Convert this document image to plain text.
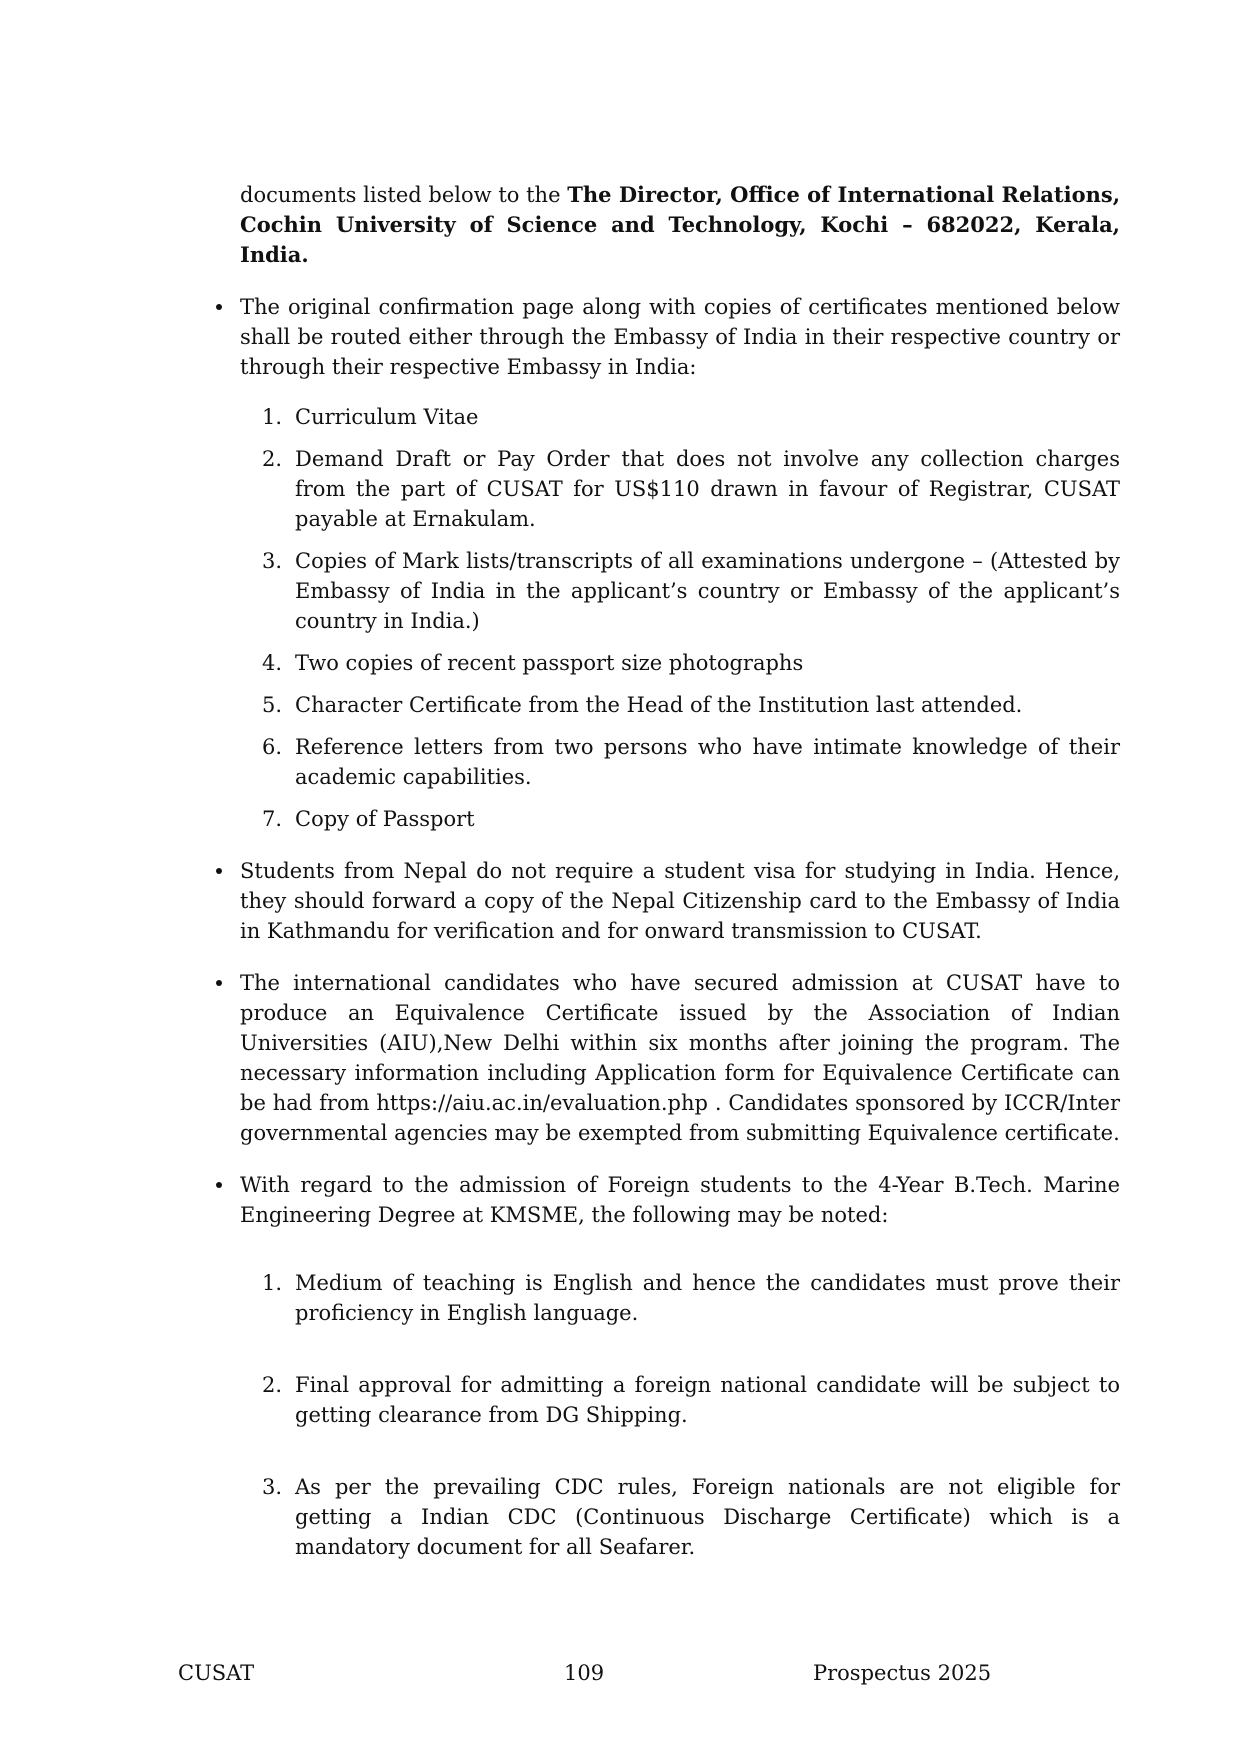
documents listed below to the The Director, Office of International Relations, Cochin University of Science and Technology, Kochi – 682022, Kerala, India.

The original confirmation page along with copies of certificates mentioned below shall be routed either through the Embassy of India in their respective country or through their respective Embassy in India:

1. Curriculum Vitae
2. Demand Draft or Pay Order that does not involve any collection charges from the part of CUSAT for US$110 drawn in favour of Registrar, CUSAT payable at Ernakulam.
3. Copies of Mark lists/transcripts of all examinations undergone – (Attested by Embassy of India in the applicant’s country or Embassy of the applicant’s country in India.)
4. Two copies of recent passport size photographs
5. Character Certificate from the Head of the Institution last attended.
6. Reference letters from two persons who have intimate knowledge of their academic capabilities.
7. Copy of Passport

Students from Nepal do not require a student visa for studying in India. Hence, they should forward a copy of the Nepal Citizenship card to the Embassy of India in Kathmandu for verification and for onward transmission to CUSAT.

The international candidates who have secured admission at CUSAT have to produce an Equivalence Certificate issued by the Association of Indian Universities (AIU),New Delhi within six months after joining the program. The necessary information including Application form for Equivalence Certificate can be had from https://aiu.ac.in/evaluation.php . Candidates sponsored by ICCR/Inter governmental agencies may be exempted from submitting Equivalence certificate.

With regard to the admission of Foreign students to the 4-Year B.Tech. Marine Engineering Degree at KMSME, the following may be noted:

1. Medium of teaching is English and hence the candidates must prove their proficiency in English language.
2. Final approval for admitting a foreign national candidate will be subject to getting clearance from DG Shipping.
3. As per the prevailing CDC rules, Foreign nationals are not eligible for getting a Indian CDC (Continuous Discharge Certificate) which is a mandatory document for all Seafarer.
CUSAT	109	Prospectus 2025
